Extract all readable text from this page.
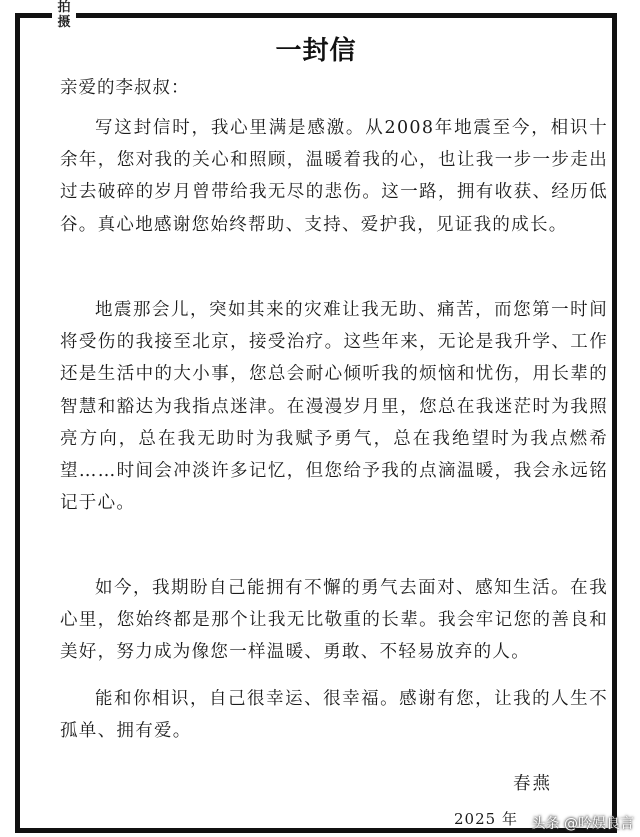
拍摄
一封信
亲爱的李叔叔：

写这封信时，我心里满是感激。从2008年地震至今，相识十余年，您对我的关心和照顾，温暖着我的心，也让我一步一步走出过去破碎的岁月曾带给我无尽的悲伤。这一路，拥有收获、经历低谷。真心地感谢您始终帮助、支持、爱护我，见证我的成长。

地震那会儿，突如其来的灾难让我无助、痛苦，而您第一时间将受伤的我接至北京，接受治疗。这些年来，无论是我升学、工作还是生活中的大小事，您总会耐心倾听我的烦恼和忧伤，用长辈的智慧和豁达为我指点迷津。在漫漫岁月里，您总在我迷茫时为我照亮方向，总在我无助时为我赋予勇气，总在我绝望时为我点燃希望……时间会冲淡许多记忆，但您给予我的点滴温暖，我会永远铭记于心。

如今，我期盼自己能拥有不懈的勇气去面对、感知生活。在我心里，您始终都是那个让我无比敬重的长辈。我会牢记您的善良和美好，努力成为像您一样温暖、勇敢、不轻易放弃的人。

能和你相识，自己很幸运、很幸福。感谢有您，让我的人生不孤单、拥有爱。

春燕
2025 年 头条 @吟娱良言
